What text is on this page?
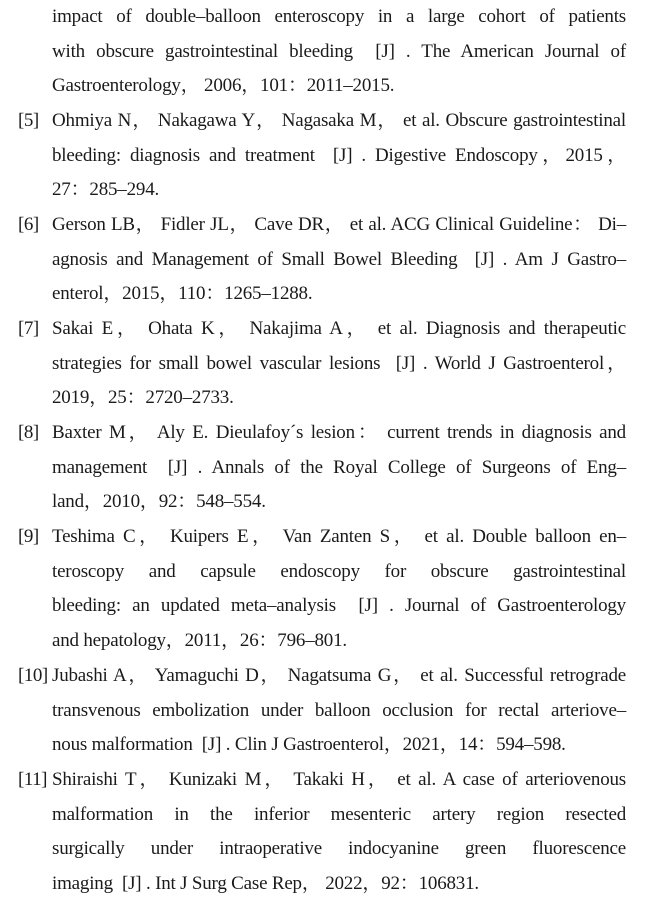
impact of double–balloon enteroscopy in a large cohort of patients
with obscure gastrointestinal bleeding  [J] . The American Journal of
Gastroenterology， 2006，101：2011–2015.
[5] Ohmiya N， Nakagawa Y， Nagasaka M， et al. Obscure gastrointestinal
bleeding: diagnosis and treatment  [J] . Digestive Endoscopy，2015，
27：285–294.
[6] Gerson LB， Fidler JL， Cave DR， et al. ACG Clinical Guideline： Di–
agnosis and Management of Small Bowel Bleeding  [J] . Am J Gastro–
enterol，2015，110：1265–1288.
[7] Sakai E， Ohata K， Nakajima A， et al. Diagnosis and therapeutic
strategies for small bowel vascular lesions  [J] . World J Gastroenterol，
2019，25：2720–2733.
[8] Baxter M， Aly E. Dieulafoy´s lesion： current trends in diagnosis and
management  [J] . Annals of the Royal College of Surgeons of Eng–
land，2010，92：548–554.
[9] Teshima C， Kuipers E， Van Zanten S， et al. Double balloon en–
teroscopy and capsule endoscopy for obscure gastrointestinal
bleeding: an updated meta–analysis  [J] . Journal of Gastroenterology
and hepatology，2011，26：796–801.
[10] Jubashi A， Yamaguchi D， Nagatsuma G， et al. Successful retrograde
transvenous embolization under balloon occlusion for rectal arteriove–
nous malformation  [J] . Clin J Gastroenterol，2021，14：594–598.
[11] Shiraishi T， Kunizaki M， Takaki H， et al. A case of arteriovenous
malformation in the inferior mesenteric artery region resected
surgically under intraoperative indocyanine green fluorescence
imaging  [J] . Int J Surg Case Rep， 2022，92：106831.
